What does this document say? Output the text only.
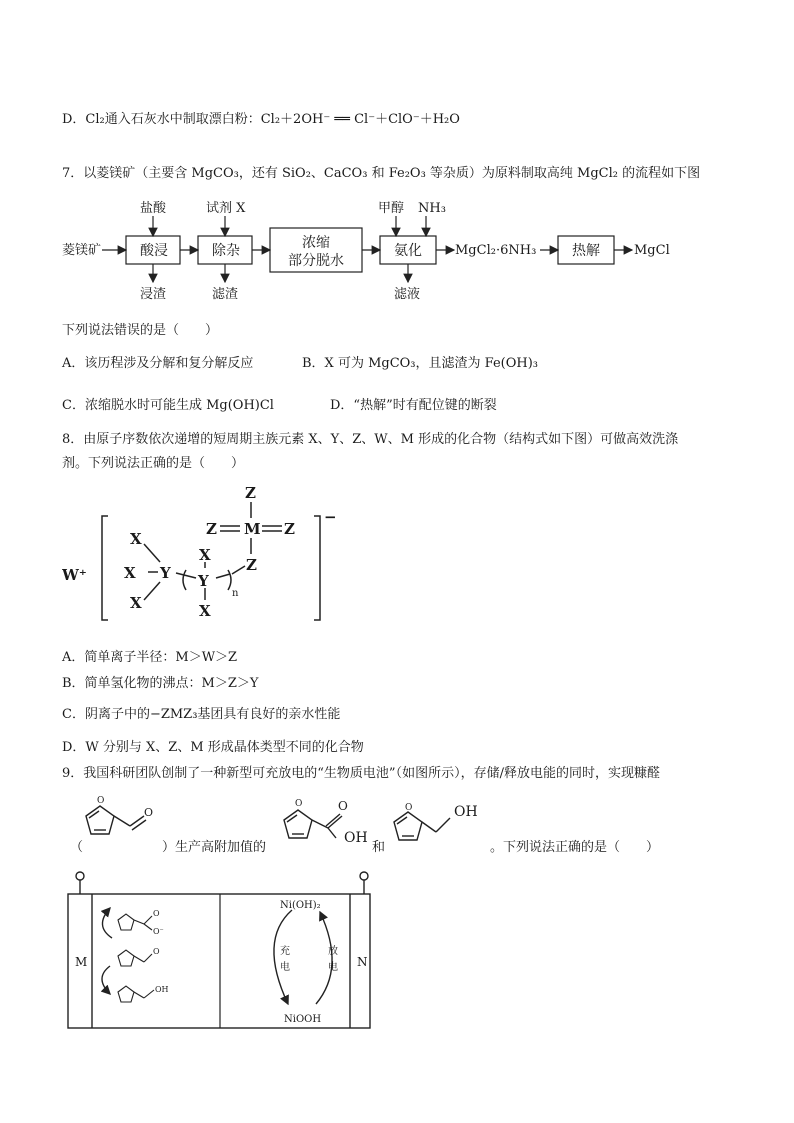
D．Cl₂通入石灰水中制取漂白粉：Cl₂＋2OH⁻ ══ Cl⁻＋ClO⁻＋H₂O
7．以菱镁矿（主要含 MgCO₃，还有 SiO₂、CaCO₃ 和 Fe₂O₃ 等杂质）为原料制取高纯 MgCl₂ 的流程如下图
菱镁矿	酸浸	除杂	浓缩
部分脱水
氨化	热解
盐酸
浸渣
试剂 X
滤渣
甲醇 NH₃
滤液
MgCl₂·6NH₃	MgCl
下列说法错误的是（　　）
A．该历程涉及分解和复分解反应	B．X 可为 MgCO₃，且滤渣为 Fe(OH)₃
C．浓缩脱水时可能生成 Mg(OH)Cl	D．“热解”时有配位键的断裂
8．由原子序数依次递增的短周期主族元素 X、Y、Z、W、M 形成的化合物（结构式如下图）可做高效洗涤
剂。下列说法正确的是（　　）
W⁺
−
Z
Z M Z
Z
X
X
X
Y
X
Y
X
n
A．简单离子半径：M＞W＞Z
B．简单氢化物的沸点：M＞Z＞Y
C．阴离子中的−ZMZ₃基团具有良好的亲水性能
D．W 分别与 X、Z、M 形成晶体类型不同的化合物
9．我国科研团队创制了一种新型可充放电的“生物质电池”（如图所示），存储/释放电能的同时，实现糠醛
O
O
（	）生产高附加值的
O	O
OH
和
O	OH
。下列说法正确的是（　　）
O
O⁻
O
OH
M	N
Ni(OH)₂
NiOOH
充
电
放
电
